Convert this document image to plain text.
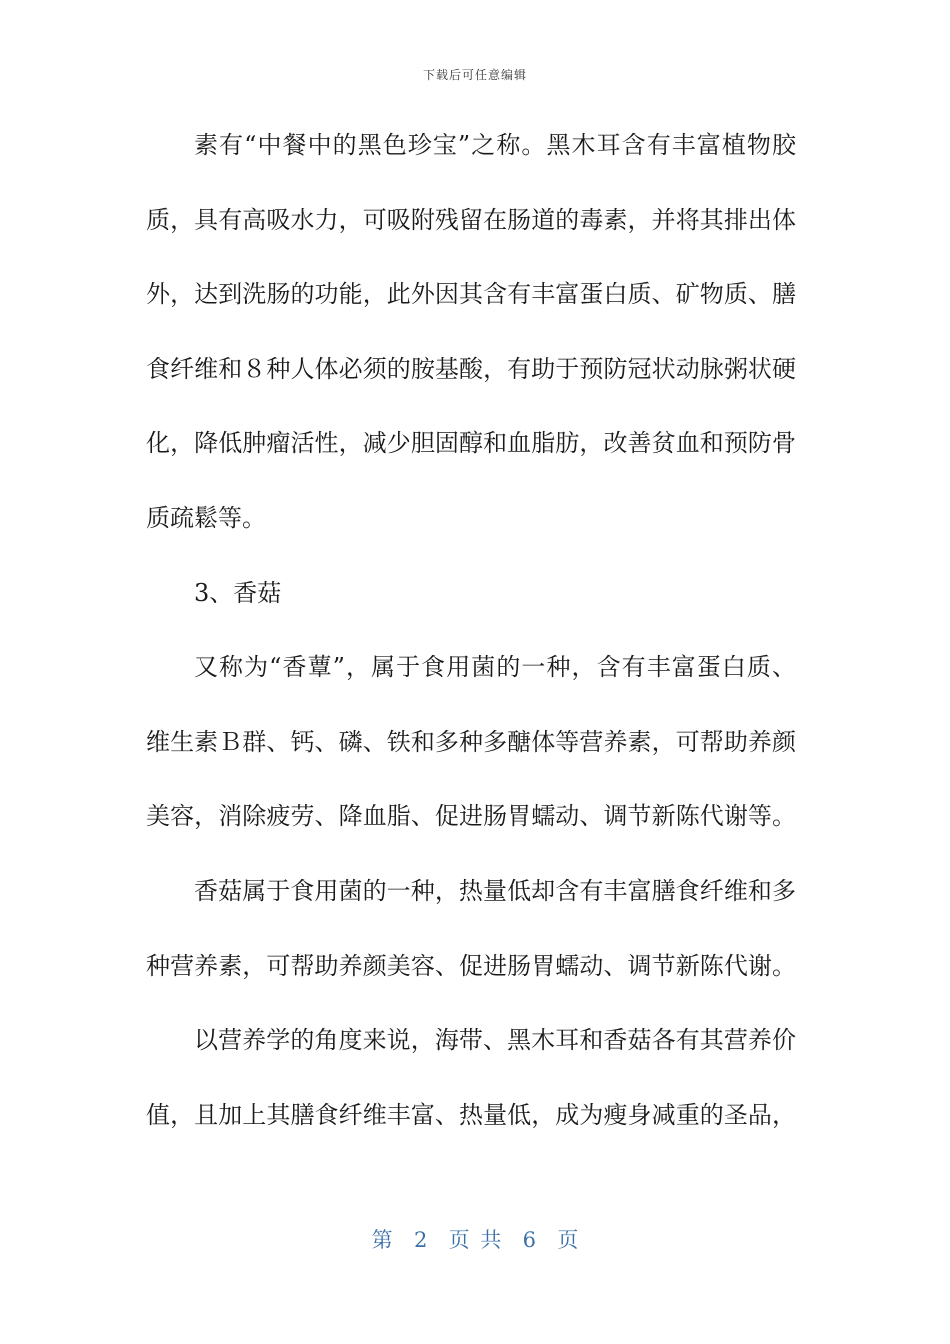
下载后可任意编辑
素有“中餐中的黑色珍宝”之称。黑木耳含有丰富植物胶
质，具有高吸水力，可吸附残留在肠道的毒素，并将其排出体
外，达到洗肠的功能，此外因其含有丰富蛋白质、矿物质、膳
食纤维和８种人体必须的胺基酸，有助于预防冠状动脉粥状硬
化，降低肿瘤活性，减少胆固醇和血脂肪，改善贫血和预防骨
质疏鬆等。
3、香菇
又称为“香蕈”，属于食用菌的一种，含有丰富蛋白质、
维生素Ｂ群、钙、磷、铁和多种多醣体等营养素，可帮助养颜
美容，消除疲劳、降血脂、促进肠胃蠕动、调节新陈代谢等。
香菇属于食用菌的一种，热量低却含有丰富膳食纤维和多
种营养素，可帮助养颜美容、促进肠胃蠕动、调节新陈代谢。
以营养学的角度来说，海带、黑木耳和香菇各有其营养价
值，且加上其膳食纤维丰富、热量低，成为瘦身减重的圣品，
第  2  页 共  6  页
